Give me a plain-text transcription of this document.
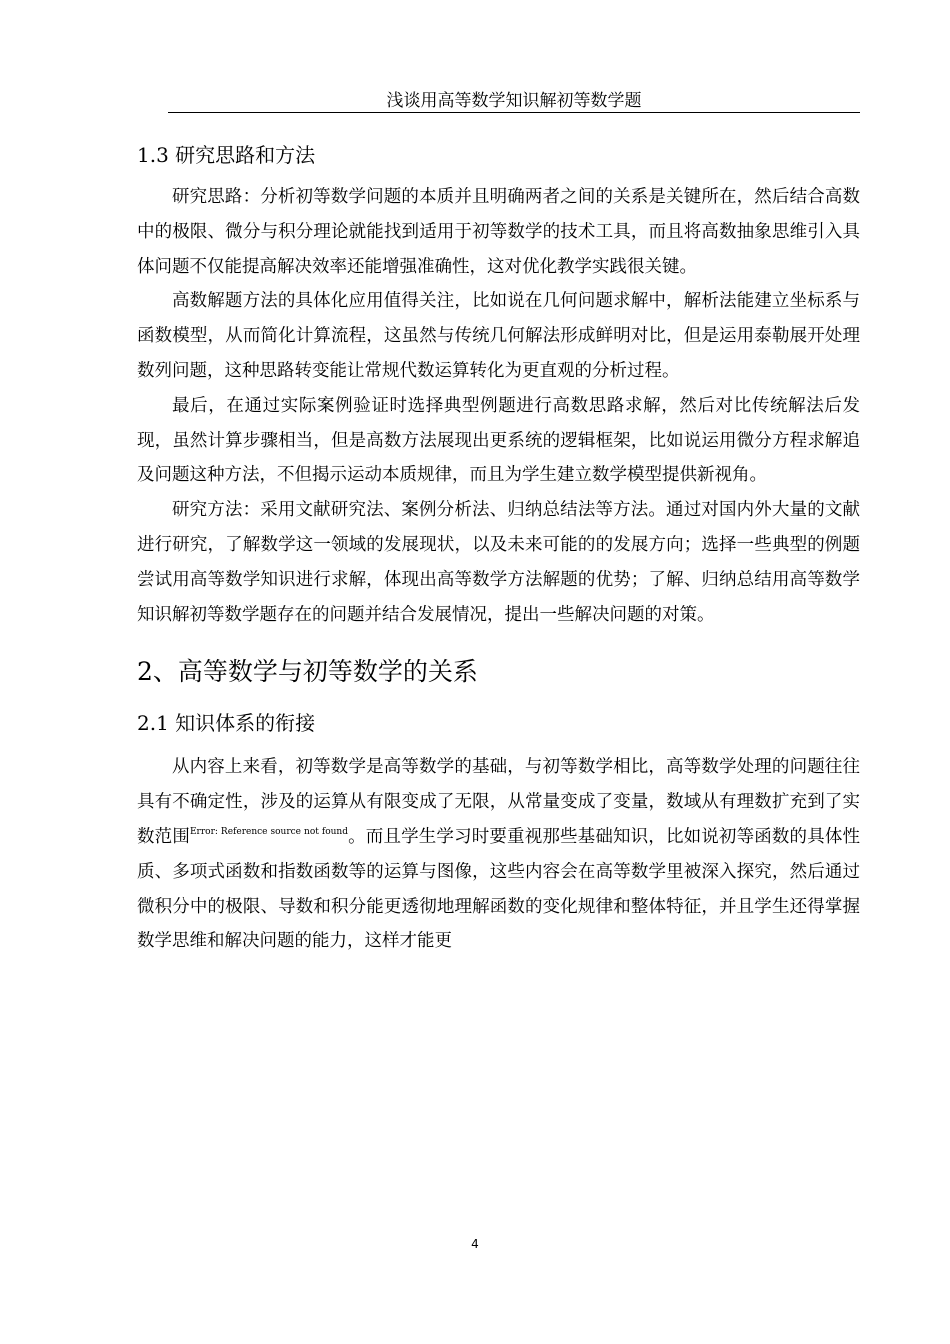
浅谈用高等数学知识解初等数学题
1.3 研究思路和方法

研究思路：分析初等数学问题的本质并且明确两者之间的关系是关键所在，然后结合高数中的极限、微分与积分理论就能找到适用于初等数学的技术工具，而且将高数抽象思维引入具体问题不仅能提高解决效率还能增强准确性，这对优化教学实践很关键。

高数解题方法的具体化应用值得关注，比如说在几何问题求解中，解析法能建立坐标系与函数模型，从而简化计算流程，这虽然与传统几何解法形成鲜明对比，但是运用泰勒展开处理数列问题，这种思路转变能让常规代数运算转化为更直观的分析过程。

最后，在通过实际案例验证时选择典型例题进行高数思路求解，然后对比传统解法后发现，虽然计算步骤相当，但是高数方法展现出更系统的逻辑框架，比如说运用微分方程求解追及问题这种方法，不但揭示运动本质规律，而且为学生建立数学模型提供新视角。

研究方法：采用文献研究法、案例分析法、归纳总结法等方法。通过对国内外大量的文献进行研究，了解数学这一领域的发展现状，以及未来可能的的发展方向；选择一些典型的例题尝试用高等数学知识进行求解，体现出高等数学方法解题的优势；了解、归纳总结用高等数学知识解初等数学题存在的问题并结合发展情况，提出一些解决问题的对策。

2、高等数学与初等数学的关系
2.1 知识体系的衔接

从内容上来看，初等数学是高等数学的基础，与初等数学相比，高等数学处理的问题往往具有不确定性，涉及的运算从有限变成了无限，从常量变成了变量，数域从有理数扩充到了实数范围$^{Error: Reference source not found}$。而且学生学习时要重视那些基础知识，比如说初等函数的具体性质、多项式函数和指数函数等的运算与图像，这些内容会在高等数学里被深入探究，然后通过微积分中的极限、导数和积分能更透彻地理解函数的变化规律和整体特征，并且学生还得掌握数学思维和解决问题的能力，这样才能更

4
